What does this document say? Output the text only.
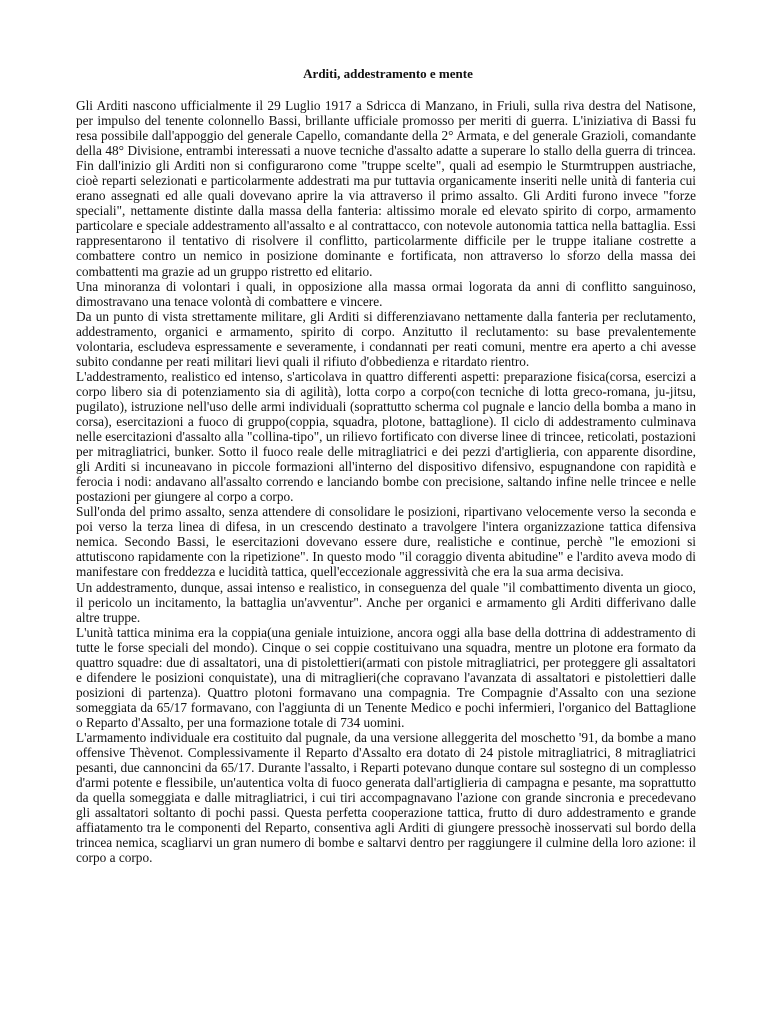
Arditi, addestramento e mente

Gli Arditi nascono ufficialmente il 29 Luglio 1917 a Sdricca di Manzano, in Friuli, sulla riva destra del Natisone, per impulso del tenente colonnello Bassi, brillante ufficiale promosso per meriti di guerra. L'iniziativa di Bassi fu resa possibile dall'appoggio del generale Capello, comandante della 2° Armata, e del generale Grazioli, comandante della 48° Divisione, entrambi interessati a nuove tecniche d'assalto adatte a superare lo stallo della guerra di trincea. Fin dall'inizio gli Arditi non si configurarono come "truppe scelte", quali ad esempio le Sturmtruppen austriache, cioè reparti selezionati e particolarmente addestrati ma pur tuttavia organicamente inseriti nelle unità di fanteria cui erano assegnati ed alle quali dovevano aprire la via attraverso il primo assalto. Gli Arditi furono invece "forze speciali", nettamente distinte dalla massa della fanteria: altissimo morale ed elevato spirito di corpo, armamento particolare e speciale addestramento all'assalto e al contrattacco, con notevole autonomia tattica nella battaglia. Essi rappresentarono il tentativo di risolvere il conflitto, particolarmente difficile per le truppe italiane costrette a combattere contro un nemico in posizione dominante e fortificata, non attraverso lo sforzo della massa dei combattenti ma grazie ad un gruppo ristretto ed elitario.

Una minoranza di volontari i quali, in opposizione alla massa ormai logorata da anni di conflitto sanguinoso, dimostravano una tenace volontà di combattere e vincere.

Da un punto di vista strettamente militare, gli Arditi si differenziavano nettamente dalla fanteria per reclutamento, addestramento, organici e armamento, spirito di corpo. Anzitutto il reclutamento: su base prevalentemente volontaria, escludeva espressamente e severamente, i condannati per reati comuni, mentre era aperto a chi avesse subito condanne per reati militari lievi quali il rifiuto d'obbedienza e ritardato rientro.

L'addestramento, realistico ed intenso, s'articolava in quattro differenti aspetti: preparazione fisica(corsa, esercizi a corpo libero sia di potenziamento sia di agilità), lotta corpo a corpo(con tecniche di lotta greco-romana, ju-jitsu, pugilato), istruzione nell'uso delle armi individuali (soprattutto scherma col pugnale e lancio della bomba a mano in corsa), esercitazioni a fuoco di gruppo(coppia, squadra, plotone, battaglione). Il ciclo di addestramento culminava nelle esercitazioni d'assalto alla "collina-tipo", un rilievo fortificato con diverse linee di trincee, reticolati, postazioni per mitragliatrici, bunker. Sotto il fuoco reale delle mitragliatrici e dei pezzi d'artiglieria, con apparente disordine, gli Arditi si incuneavano in piccole formazioni all'interno del dispositivo difensivo, espugnandone con rapidità e ferocia i nodi: andavano all'assalto correndo e lanciando bombe con precisione, saltando infine nelle trincee e nelle postazioni per giungere al corpo a corpo.

Sull'onda del primo assalto, senza attendere di consolidare le posizioni, ripartivano velocemente verso la seconda e poi verso la terza linea di difesa, in un crescendo destinato a travolgere l'intera organizzazione tattica difensiva nemica. Secondo Bassi, le esercitazioni dovevano essere dure, realistiche e continue, perchè "le emozioni si attutiscono rapidamente con la ripetizione". In questo modo "il coraggio diventa abitudine" e l'ardito aveva modo di manifestare con freddezza e lucidità tattica, quell'eccezionale aggressività che era la sua arma decisiva.

Un addestramento, dunque, assai intenso e realistico, in conseguenza del quale "il combattimento diventa un gioco, il pericolo un incitamento, la battaglia un'avventur". Anche per organici e armamento gli Arditi differivano dalle altre truppe.

L'unità tattica minima era la coppia(una geniale intuizione, ancora oggi alla base della dottrina di addestramento di tutte le forse speciali del mondo). Cinque o sei coppie costituivano una squadra, mentre un plotone era formato da quattro squadre: due di assaltatori, una di pistolettieri(armati con pistole mitragliatrici, per proteggere gli assaltatori e difendere le posizioni conquistate), una di mitraglieri(che copravano l'avanzata di assaltatori e pistolettieri dalle posizioni di partenza). Quattro plotoni formavano una compagnia. Tre Compagnie d'Assalto con una sezione someggiata da 65/17 formavano, con l'aggiunta di un Tenente Medico e pochi infermieri, l'organico del Battaglione o Reparto d'Assalto, per una formazione totale di 734 uomini.

L'armamento individuale era costituito dal pugnale, da una versione alleggerita del moschetto '91, da bombe a mano offensive Thèvenot. Complessivamente il Reparto d'Assalto era dotato di 24 pistole mitragliatrici, 8 mitragliatrici pesanti, due cannoncini da 65/17. Durante l'assalto, i Reparti potevano dunque contare sul sostegno di un complesso d'armi potente e flessibile, un'autentica volta di fuoco generata dall'artiglieria di campagna e pesante, ma soprattutto da quella someggiata e dalle mitragliatrici, i cui tiri accompagnavano l'azione con grande sincronia e precedevano gli assaltatori soltanto di pochi passi. Questa perfetta cooperazione tattica, frutto di duro addestramento e grande affiatamento tra le componenti del Reparto, consentiva agli Arditi di giungere pressochè inosservati sul bordo della trincea nemica, scagliarvi un gran numero di bombe e saltarvi dentro per raggiungere il culmine della loro azione: il corpo a corpo.
